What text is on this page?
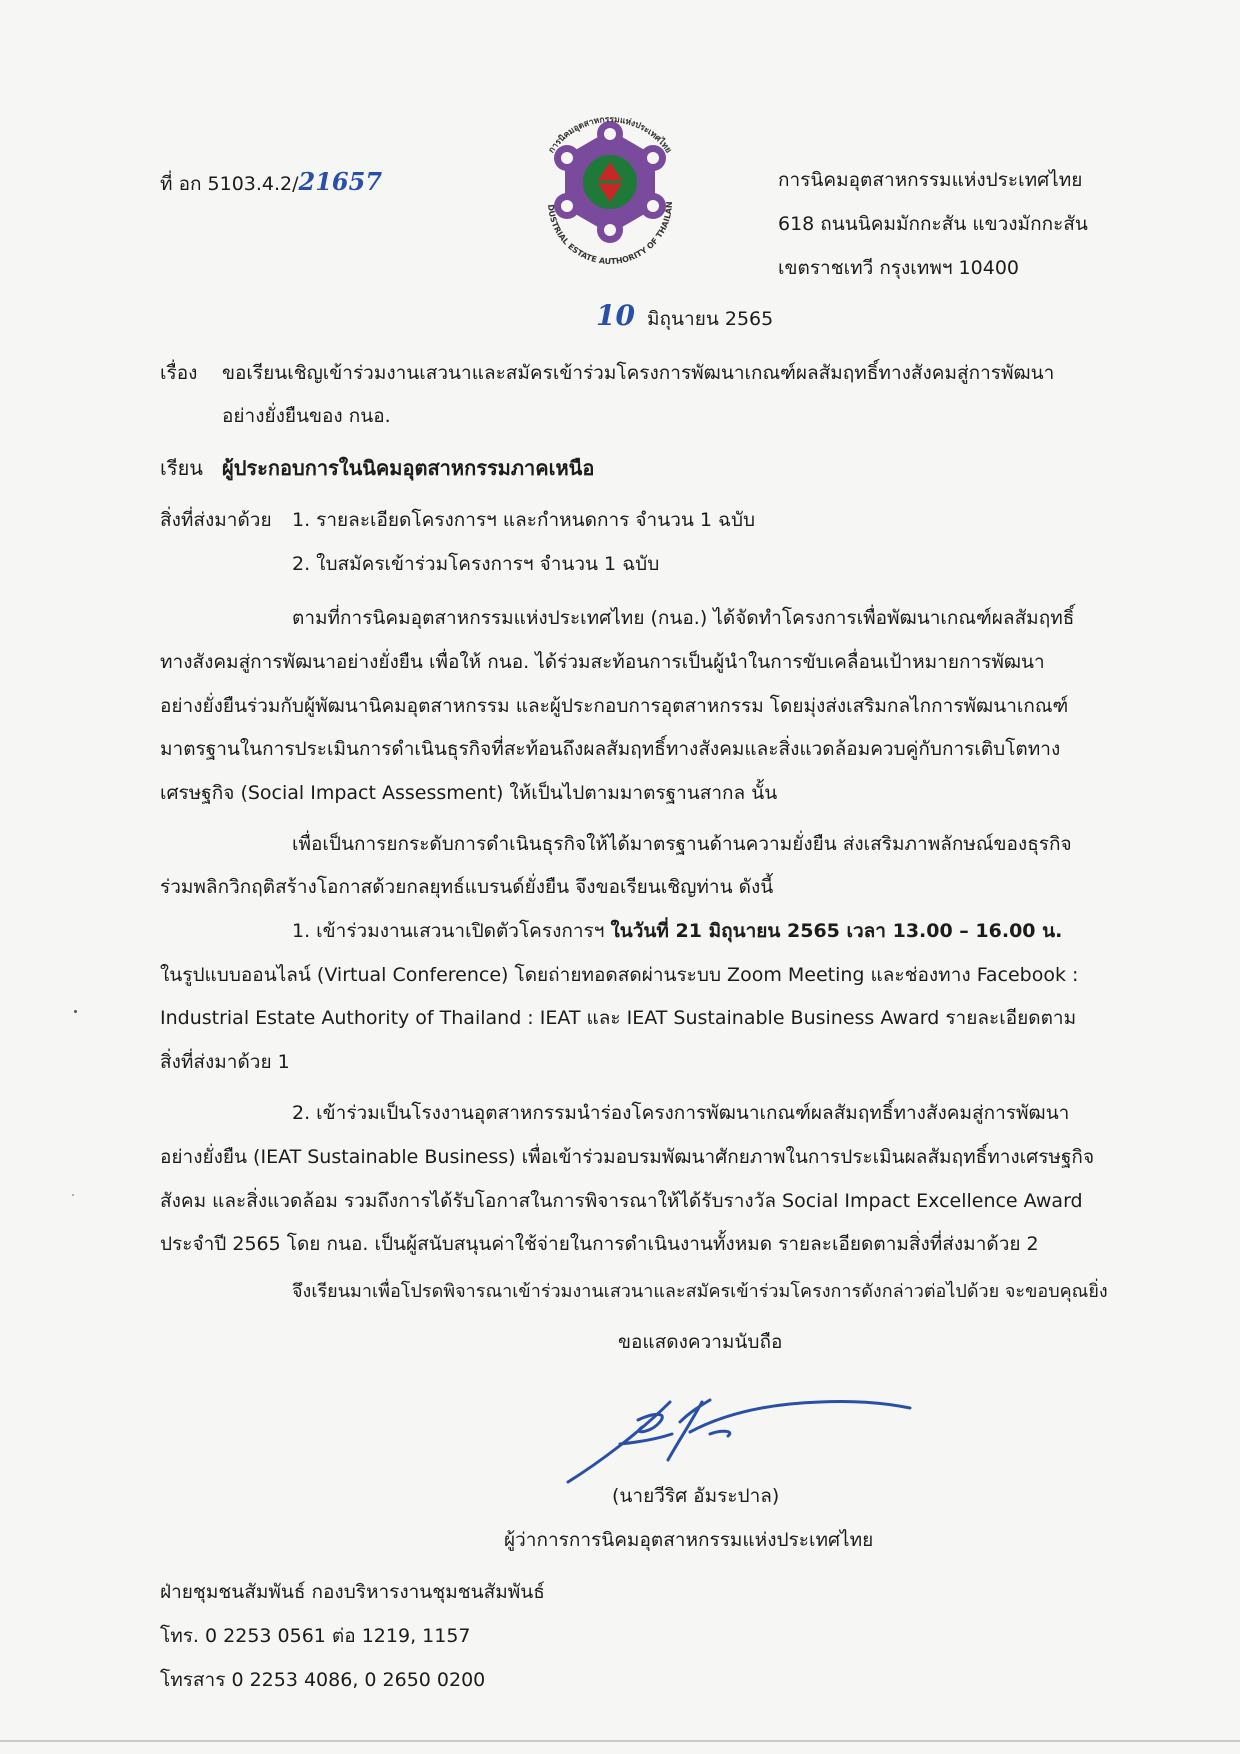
ที่ อก 5103.4.2/21657
การนิคมอุตสาหกรรมแห่งประเทศไทย
DUSTRIAL ESTATE AUTHORITY OF THAILAN
การนิคมอุตสาหกรรมแห่งประเทศไทย
618 ถนนนิคมมักกะสัน แขวงมักกะสัน
เขตราชเทวี กรุงเทพฯ 10400
10 มิถุนายน 2565
เรื่อง ขอเรียนเชิญเข้าร่วมงานเสวนาและสมัครเข้าร่วมโครงการพัฒนาเกณฑ์ผลสัมฤทธิ์ทางสังคมสู่การพัฒนา
อย่างยั่งยืนของ กนอ.
เรียน ผู้ประกอบการในนิคมอุตสาหกรรมภาคเหนือ
สิ่งที่ส่งมาด้วย 1. รายละเอียดโครงการฯ และกำหนดการ จำนวน 1 ฉบับ
2. ใบสมัครเข้าร่วมโครงการฯ จำนวน 1 ฉบับ
ตามที่การนิคมอุตสาหกรรมแห่งประเทศไทย (กนอ.) ได้จัดทำโครงการเพื่อพัฒนาเกณฑ์ผลสัมฤทธิ์
ทางสังคมสู่การพัฒนาอย่างยั่งยืน เพื่อให้ กนอ. ได้ร่วมสะท้อนการเป็นผู้นำในการขับเคลื่อนเป้าหมายการพัฒนา
อย่างยั่งยืนร่วมกับผู้พัฒนานิคมอุตสาหกรรม และผู้ประกอบการอุตสาหกรรม โดยมุ่งส่งเสริมกลไกการพัฒนาเกณฑ์
มาตรฐานในการประเมินการดำเนินธุรกิจที่สะท้อนถึงผลสัมฤทธิ์ทางสังคมและสิ่งแวดล้อมควบคู่กับการเติบโตทาง
เศรษฐกิจ (Social Impact Assessment) ให้เป็นไปตามมาตรฐานสากล นั้น
เพื่อเป็นการยกระดับการดำเนินธุรกิจให้ได้มาตรฐานด้านความยั่งยืน ส่งเสริมภาพลักษณ์ของธุรกิจ
ร่วมพลิกวิกฤติสร้างโอกาสด้วยกลยุทธ์แบรนด์ยั่งยืน จึงขอเรียนเชิญท่าน ดังนี้
1. เข้าร่วมงานเสวนาเปิดตัวโครงการฯ ในวันที่ 21 มิถุนายน 2565 เวลา 13.00 – 16.00 น.
ในรูปแบบออนไลน์ (Virtual Conference) โดยถ่ายทอดสดผ่านระบบ Zoom Meeting และช่องทาง Facebook :
Industrial Estate Authority of Thailand : IEAT และ IEAT Sustainable Business Award รายละเอียดตาม
สิ่งที่ส่งมาด้วย 1
2. เข้าร่วมเป็นโรงงานอุตสาหกรรมนำร่องโครงการพัฒนาเกณฑ์ผลสัมฤทธิ์ทางสังคมสู่การพัฒนา
อย่างยั่งยืน (IEAT Sustainable Business) เพื่อเข้าร่วมอบรมพัฒนาศักยภาพในการประเมินผลสัมฤทธิ์ทางเศรษฐกิจ
สังคม และสิ่งแวดล้อม รวมถึงการได้รับโอกาสในการพิจารณาให้ได้รับรางวัล Social Impact Excellence Award
ประจำปี 2565 โดย กนอ. เป็นผู้สนับสนุนค่าใช้จ่ายในการดำเนินงานทั้งหมด รายละเอียดตามสิ่งที่ส่งมาด้วย 2
จึงเรียนมาเพื่อโปรดพิจารณาเข้าร่วมงานเสวนาและสมัครเข้าร่วมโครงการดังกล่าวต่อไปด้วย จะขอบคุณยิ่ง
ขอแสดงความนับถือ
(นายวีริศ อัมระปาล)
ผู้ว่าการการนิคมอุตสาหกรรมแห่งประเทศไทย
ฝ่ายชุมชนสัมพันธ์ กองบริหารงานชุมชนสัมพันธ์
โทร. 0 2253 0561 ต่อ 1219, 1157
โทรสาร 0 2253 4086, 0 2650 0200
